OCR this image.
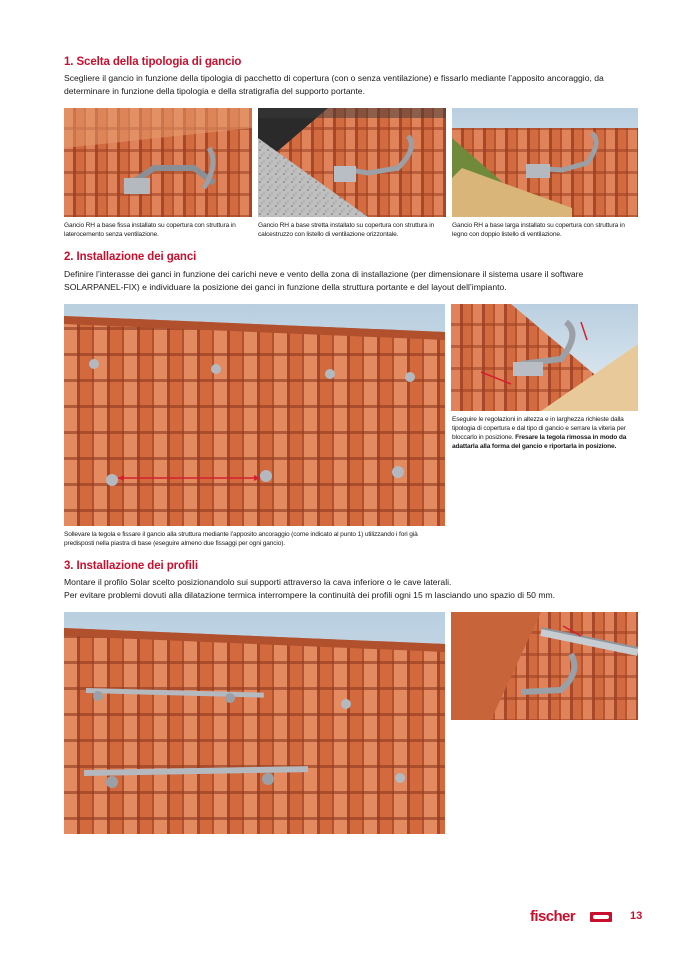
1. Scelta della tipologia di gancio
Scegliere il gancio in funzione della tipologia di pacchetto di copertura (con o senza ventilazione) e fissarlo mediante l’apposito ancoraggio, da determinare in funzione della tipologia e della stratigrafia del supporto portante.
Gancio RH a base fissa installato su copertura con struttura in laterocemento senza ventilazione.
Gancio RH a base stretta installato su copertura con struttura in calcestruzzo con listello di ventilazione orizzontale.
Gancio RH a base larga installato su copertura con struttura in legno con doppio listello di ventilazione.
2. Installazione dei ganci
Definire l’interasse dei ganci in funzione dei carichi neve e vento della zona di installazione (per dimensionare il sistema usare il software SOLARPANEL-FIX) e individuare la posizione dei ganci in funzione della struttura portante e del layout dell’impianto.
Eseguire le regolazioni in altezza e in larghezza richieste dalla tipologia di copertura e dal tipo di gancio e serrare la viteria per bloccarlo in posizione. Fresare la tegola rimossa in modo da adattarla alla forma del gancio e riportarla in posizione.
Sollevare la tegola e fissare il gancio alla struttura mediante l’apposito ancoraggio (come indicato al punto 1) utilizzando i fori già predisposti nella piastra di base (eseguire almeno due fissaggi per ogni gancio).
3. Installazione dei profili
Montare il profilo Solar scelto posizionandolo sui supporti attraverso la cava inferiore o le cave laterali.
Per evitare problemi dovuti alla dilatazione termica interrompere la continuità dei profili ogni 15 m lasciando uno spazio di 50 mm.
fischer	13
